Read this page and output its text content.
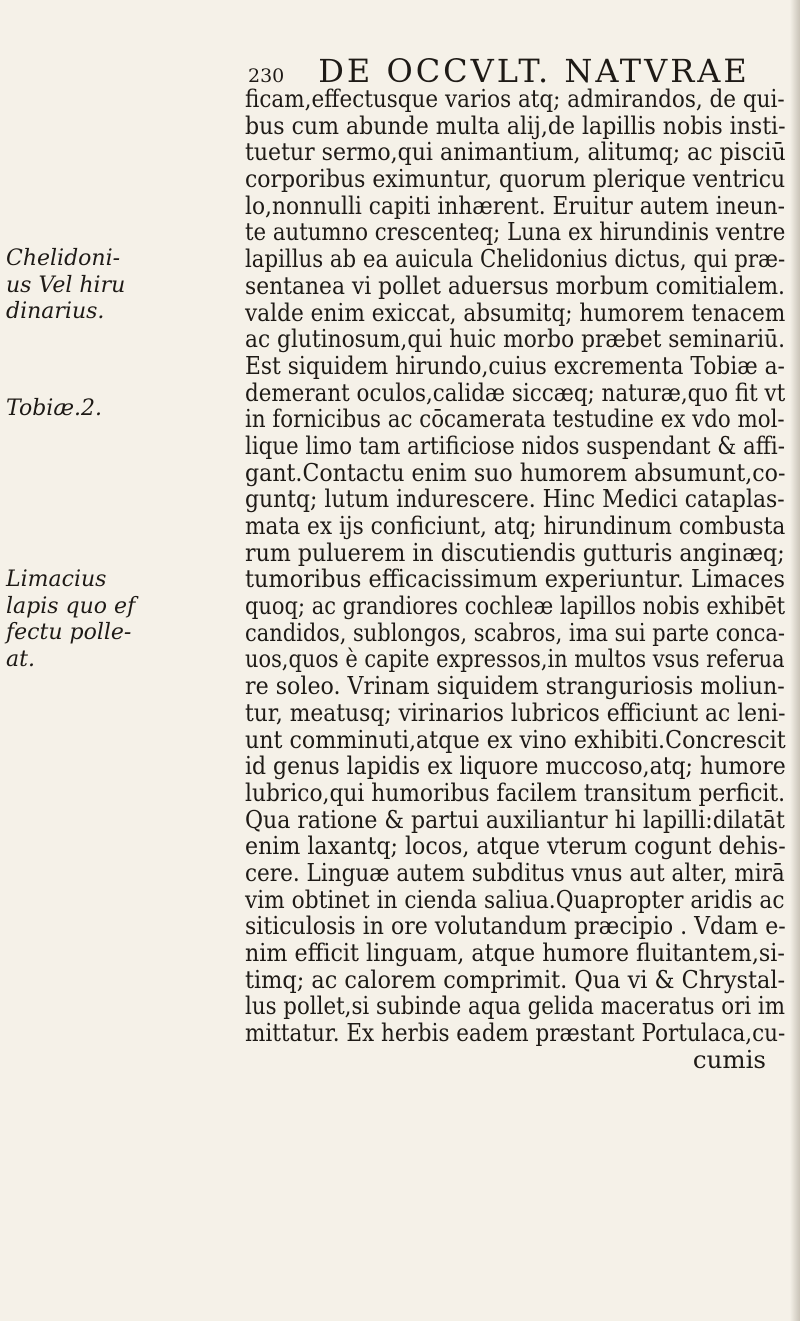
230 DE OCCVLT. NATVRAE
Chelidoni-
us Vel hiru
dinarius.
Tobiæ.2.
Limacius
lapis quo ef
fectu polle-
at.
ficam,effectusque varios atq; admirandos, de qui-
bus cum abunde multa alij,de lapillis nobis insti-
tuetur sermo,qui animantium, alitumq; ac pisciū
corporibus eximuntur, quorum plerique ventricu
lo,nonnulli capiti inhærent. Eruitur autem ineun-
te autumno crescenteq; Luna ex hirundinis ventre
lapillus ab ea auicula Chelidonius dictus, qui præ-
sentanea vi pollet aduersus morbum comitialem.
valde enim exiccat, absumitq; humorem tenacem
ac glutinosum,qui huic morbo præbet seminariū.
Est siquidem hirundo,cuius excrementa Tobiæ a-
demerant oculos,calidæ siccæq; naturæ,quo fit vt
in fornicibus ac cōcamerata testudine ex vdo mol-
lique limo tam artificiose nidos suspendant & affi-
gant.Contactu enim suo humorem absumunt,co-
guntq; lutum indurescere. Hinc Medici cataplas-
mata ex ijs conficiunt, atq; hirundinum combusta
rum puluerem in discutiendis gutturis anginæq;
tumoribus efficacissimum experiuntur. Limaces
quoq; ac grandiores cochleæ lapillos nobis exhibēt
candidos, sublongos, scabros, ima sui parte conca-
uos,quos è capite expressos,in multos vsus referua
re soleo. Vrinam siquidem stranguriosis moliun-
tur, meatusq; virinarios lubricos efficiunt ac leni-
unt comminuti,atque ex vino exhibiti.Concrescit
id genus lapidis ex liquore muccoso,atq; humore
lubrico,qui humoribus facilem transitum perficit.
Qua ratione & partui auxiliantur hi lapilli:dilatāt
enim laxantq; locos, atque vterum cogunt dehis-
cere. Linguæ autem subditus vnus aut alter, mirā
vim obtinet in cienda saliua.Quapropter aridis ac
siticulosis in ore volutandum præcipio . Vdam e-
nim efficit linguam, atque humore fluitantem,si-
timq; ac calorem comprimit. Qua vi & Chrystal-
lus pollet,si subinde aqua gelida maceratus ori im
mittatur. Ex herbis eadem præstant Portulaca,cu-
cumis
